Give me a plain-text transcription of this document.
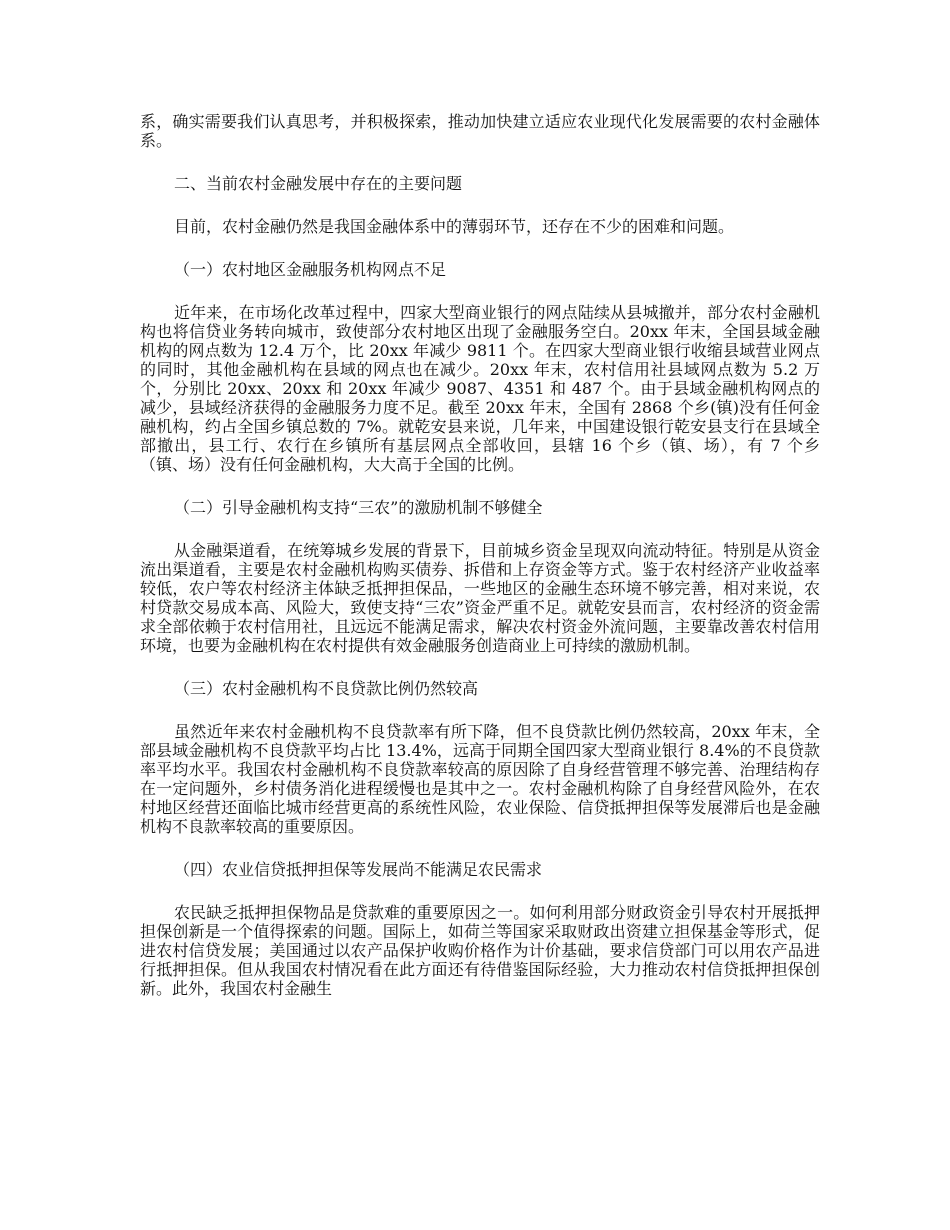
系，确实需要我们认真思考，并积极探索，推动加快建立适应农业现代化发展需要的农村金融体系。

二、当前农村金融发展中存在的主要问题

目前，农村金融仍然是我国金融体系中的薄弱环节，还存在不少的困难和问题。

（一）农村地区金融服务机构网点不足

近年来，在市场化改革过程中，四家大型商业银行的网点陆续从县城撤并，部分农村金融机构也将信贷业务转向城市，致使部分农村地区出现了金融服务空白。20xx 年末，全国县域金融机构的网点数为 12.4 万个，比 20xx 年减少 9811 个。在四家大型商业银行收缩县域营业网点的同时，其他金融机构在县域的网点也在减少。20xx 年末，农村信用社县域网点数为 5.2 万个，分别比 20xx、20xx 和 20xx 年减少 9087、4351 和 487 个。由于县域金融机构网点的减少，县域经济获得的金融服务力度不足。截至 20xx 年末，全国有 2868 个乡(镇)没有任何金融机构，约占全国乡镇总数的 7%。就乾安县来说，几年来，中国建设银行乾安县支行在县域全部撤出，县工行、农行在乡镇所有基层网点全部收回，县辖 16 个乡（镇、场），有 7 个乡（镇、场）没有任何金融机构，大大高于全国的比例。

（二）引导金融机构支持“三农”的激励机制不够健全

从金融渠道看，在统筹城乡发展的背景下，目前城乡资金呈现双向流动特征。特别是从资金流出渠道看，主要是农村金融机构购买债券、拆借和上存资金等方式。鉴于农村经济产业收益率较低，农户等农村经济主体缺乏抵押担保品，一些地区的金融生态环境不够完善，相对来说，农村贷款交易成本高、风险大，致使支持“三农”资金严重不足。就乾安县而言，农村经济的资金需求全部依赖于农村信用社，且远远不能满足需求，解决农村资金外流问题，主要靠改善农村信用环境，也要为金融机构在农村提供有效金融服务创造商业上可持续的激励机制。

（三）农村金融机构不良贷款比例仍然较高

虽然近年来农村金融机构不良贷款率有所下降，但不良贷款比例仍然较高，20xx 年末，全部县域金融机构不良贷款平均占比 13.4%，远高于同期全国四家大型商业银行 8.4%的不良贷款率平均水平。我国农村金融机构不良贷款率较高的原因除了自身经营管理不够完善、治理结构存在一定问题外，乡村债务消化进程缓慢也是其中之一。农村金融机构除了自身经营风险外，在农村地区经营还面临比城市经营更高的系统性风险，农业保险、信贷抵押担保等发展滞后也是金融机构不良款率较高的重要原因。

（四）农业信贷抵押担保等发展尚不能满足农民需求

农民缺乏抵押担保物品是贷款难的重要原因之一。如何利用部分财政资金引导农村开展抵押担保创新是一个值得探索的问题。国际上，如荷兰等国家采取财政出资建立担保基金等形式，促进农村信贷发展；美国通过以农产品保护收购价格作为计价基础，要求信贷部门可以用农产品进行抵押担保。但从我国农村情况看在此方面还有待借鉴国际经验，大力推动农村信贷抵押担保创新。此外，我国农村金融生
